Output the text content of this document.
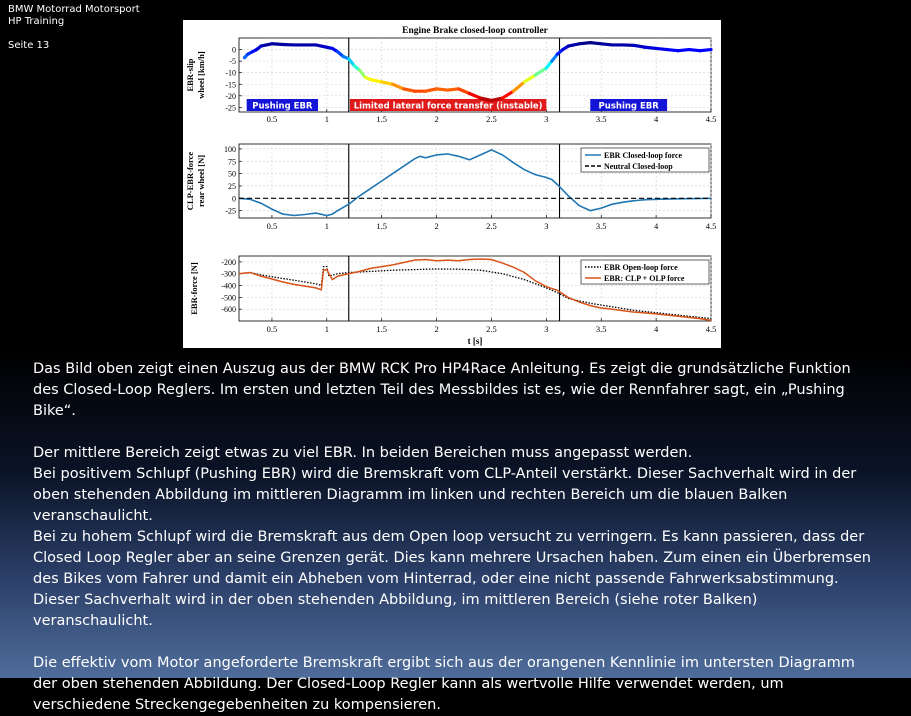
BMW Motorrad Motorsport
HP Training
Seite 13
0.5	1	1.5	2	2.5	3	3.5	4	4.5
0
-5
-10
-15
-20
-25
EBR-slip wheel [km/h]
Engine Brake closed-loop controller
Pushing EBR	Limited lateral force transfer (instable)	Pushing EBR
0.5	1	1.5	2	2.5	3	3.5	4	4.5
100
75
50
25
0
-25
CLP-EBR-force rear wheel [N]	EBR Closed-loop force
Neutral Closed-loop
0.5	1	1.5	2	2.5	3	3.5	4	4.5
-200
-300
-400
-500
-600
EBR-force [N]
t [s]
EBR Open-loop force
EBR: CLP + OLP force

Das Bild oben zeigt einen Auszug aus der BMW RCK Pro HP4Race Anleitung. Es zeigt die grundsätzliche Funktion des Closed-Loop Reglers. Im ersten und letzten Teil des Messbildes ist es, wie der Rennfahrer sagt, ein „Pushing Bike“.

Der mittlere Bereich zeigt etwas zu viel EBR. In beiden Bereichen muss angepasst werden.

Bei positivem Schlupf (Pushing EBR) wird die Bremskraft vom CLP-Anteil verstärkt. Dieser Sachverhalt wird in der oben stehenden Abbildung im mittleren Diagramm im linken und rechten Bereich um die blauen Balken veranschaulicht.

Bei zu hohem Schlupf wird die Bremskraft aus dem Open loop versucht zu verringern. Es kann passieren, dass der Closed Loop Regler aber an seine Grenzen gerät. Dies kann mehrere Ursachen haben. Zum einen ein Überbremsen des Bikes vom Fahrer und damit ein Abheben vom Hinterrad, oder eine nicht passende Fahrwerksabstimmung. Dieser Sachverhalt wird in der oben stehenden Abbildung, im mittleren Bereich (siehe roter Balken) veranschaulicht.

Die effektiv vom Motor angeforderte Bremskraft ergibt sich aus der orangenen Kennlinie im untersten Diagramm der oben stehenden Abbildung. Der Closed-Loop Regler kann als wertvolle Hilfe verwendet werden, um verschiedene Streckengegebenheiten zu kompensieren.
